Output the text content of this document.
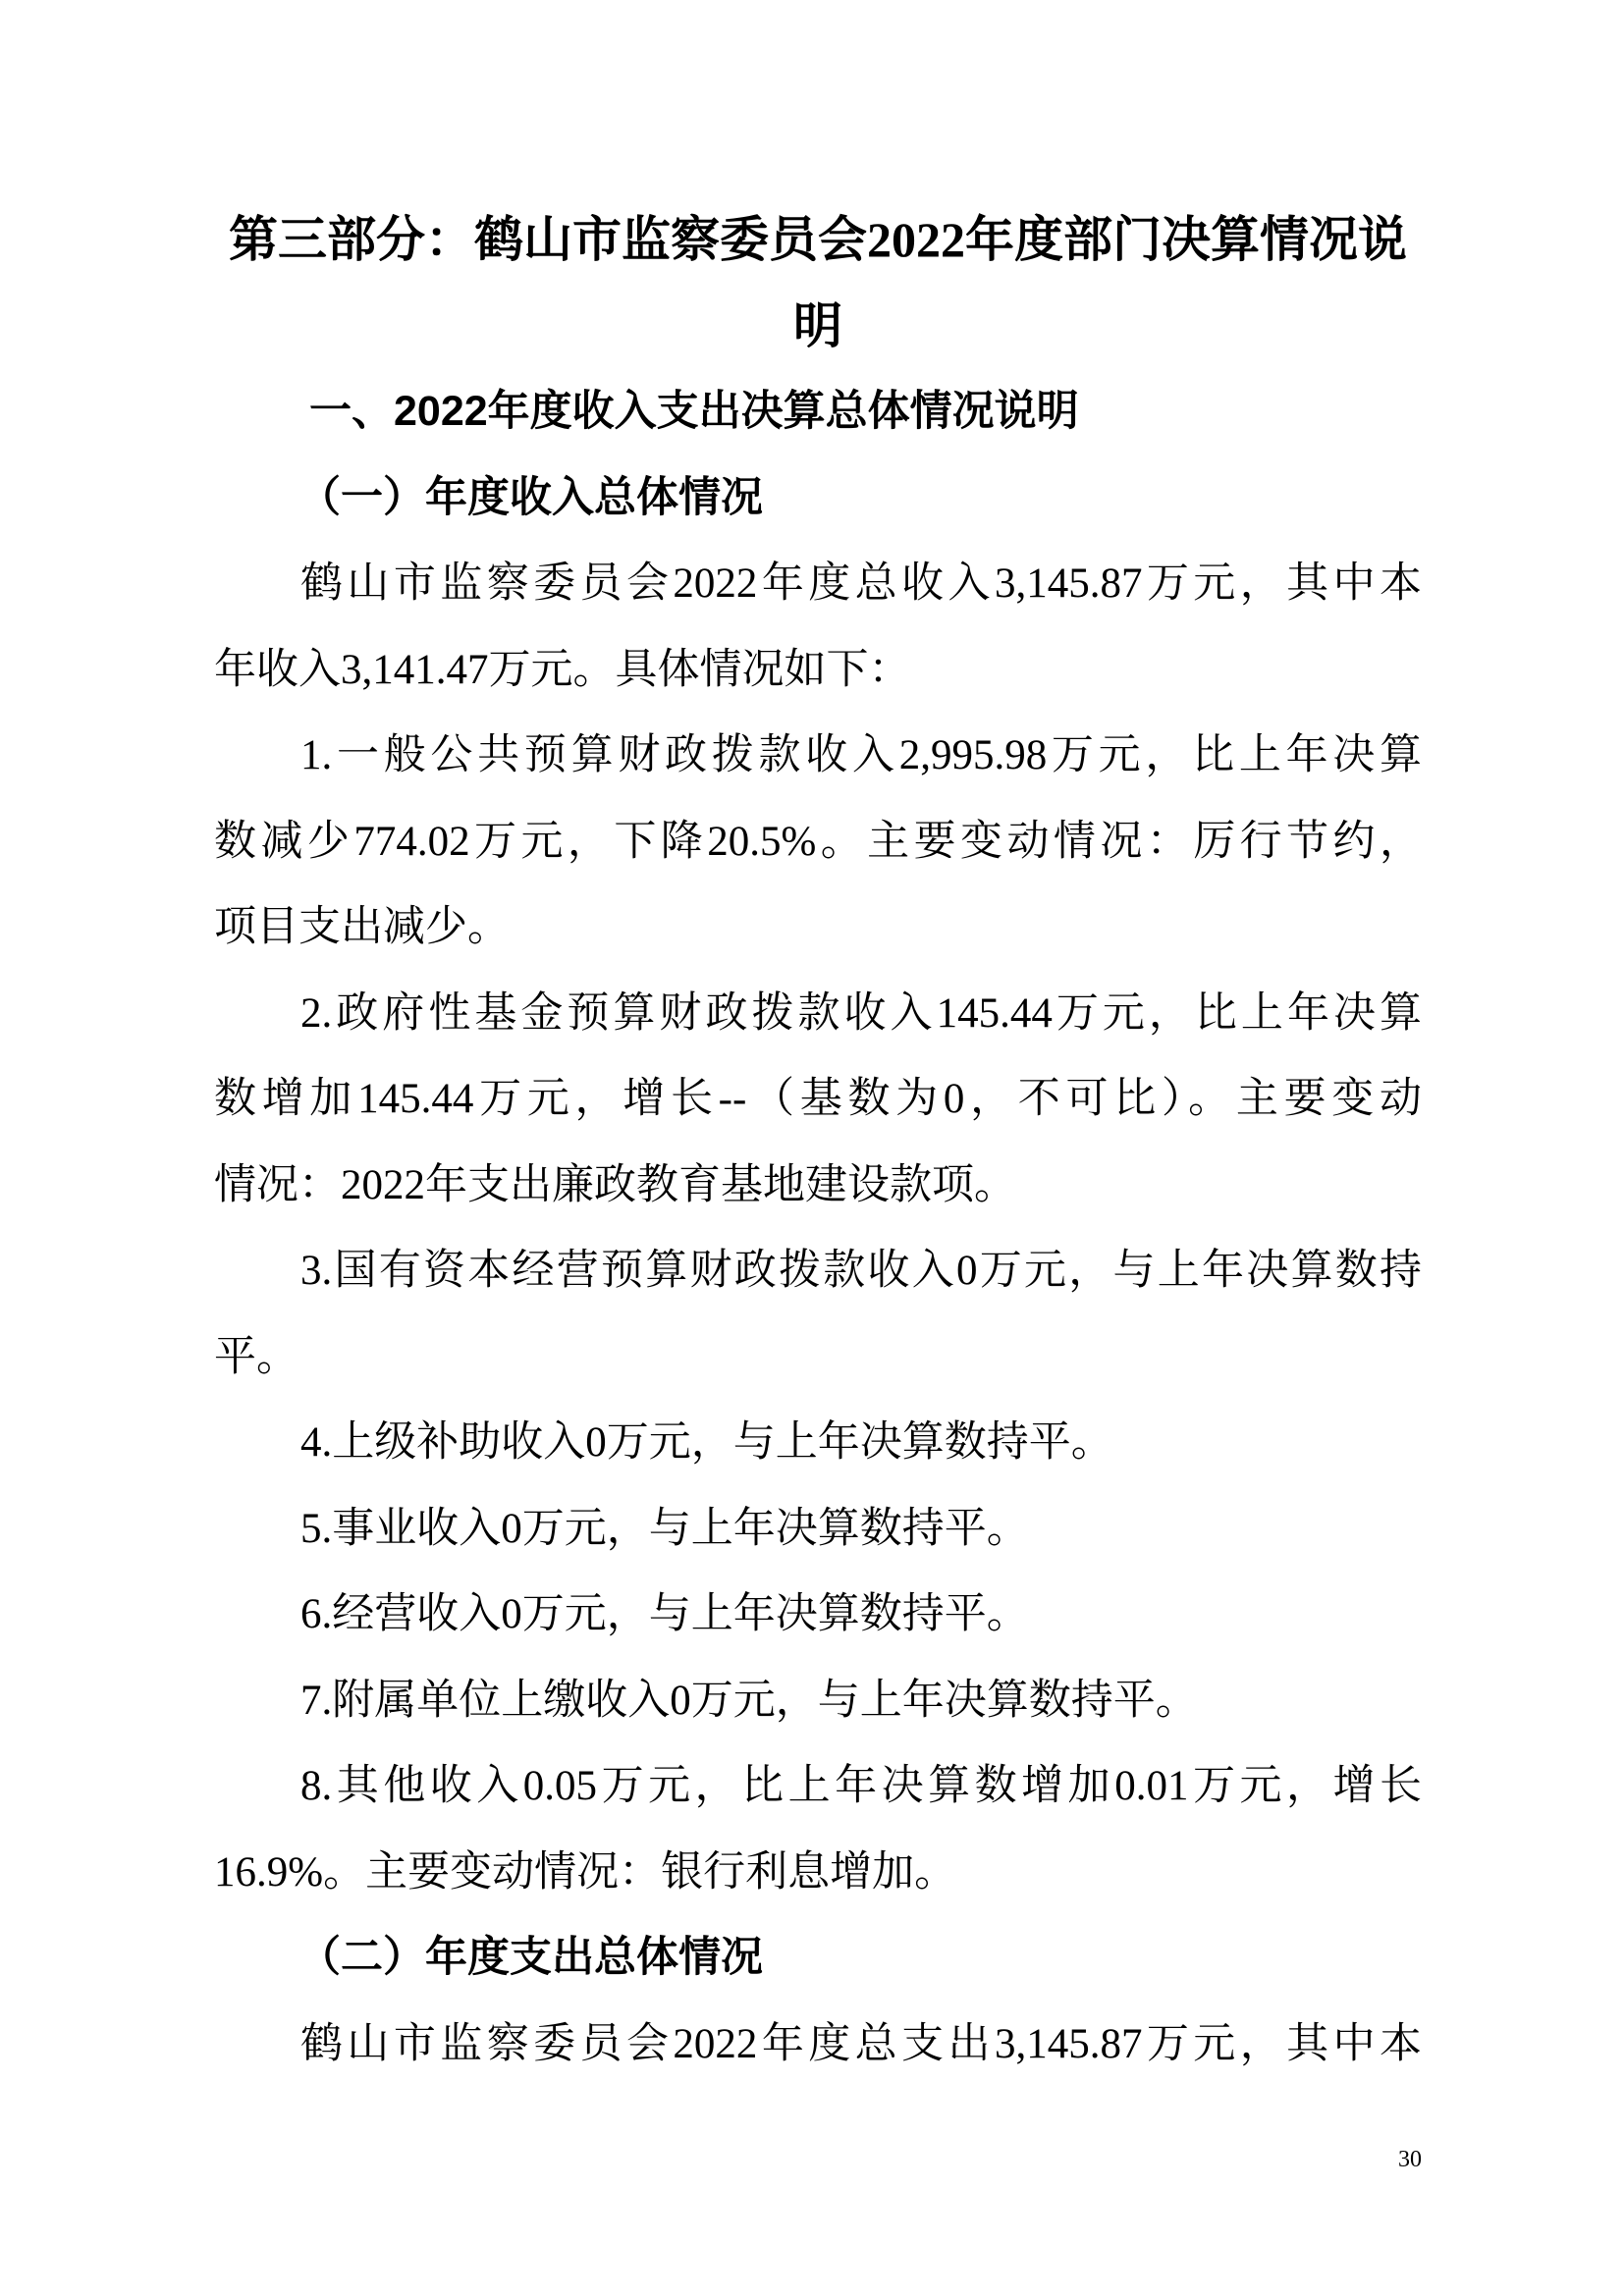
第三部分：鹤山市监察委员会2022年度部门决算情况说
明
一、2022年度收入支出决算总体情况说明
（一）年度收入总体情况
鹤山市监察委员会2022年度总收入3,145.87万元，其中本
年收入3,141.47万元。具体情况如下：
1.一般公共预算财政拨款收入2,995.98万元，比上年决算
数减少774.02万元，下降20.5%。主要变动情况：厉行节约，
项目支出减少。
2.政府性基金预算财政拨款收入145.44万元，比上年决算
数增加145.44万元，增长--（基数为0，不可比）。主要变动
情况：2022年支出廉政教育基地建设款项。
3.国有资本经营预算财政拨款收入0万元，与上年决算数持
平。
4.上级补助收入0万元，与上年决算数持平。
5.事业收入0万元，与上年决算数持平。
6.经营收入0万元，与上年决算数持平。
7.附属单位上缴收入0万元，与上年决算数持平。
8.其他收入0.05万元，比上年决算数增加0.01万元，增长
16.9%。主要变动情况：银行利息增加。
（二）年度支出总体情况
鹤山市监察委员会2022年度总支出3,145.87万元，其中本
30
